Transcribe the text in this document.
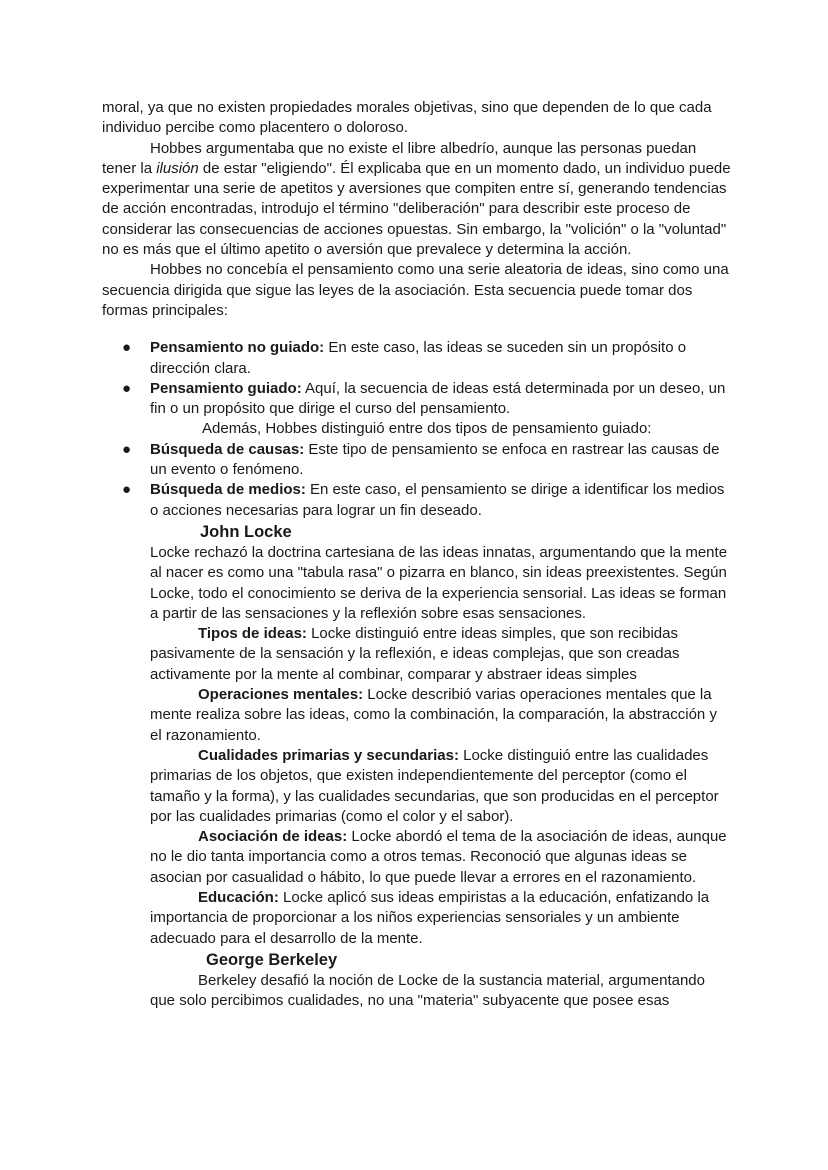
moral, ya que no existen propiedades morales objetivas, sino que dependen de lo que cada individuo percibe como placentero o doloroso.

Hobbes argumentaba que no existe el libre albedrío, aunque las personas puedan tener la ilusión de estar "eligiendo". Él explicaba que en un momento dado, un individuo puede experimentar una serie de apetitos y aversiones que compiten entre sí, generando tendencias de acción encontradas, introdujo el término "deliberación" para describir este proceso de considerar las consecuencias de acciones opuestas. Sin embargo, la "volición" o la "voluntad" no es más que el último apetito o aversión que prevalece y determina la acción.

Hobbes no concebía el pensamiento como una serie aleatoria de ideas, sino como una secuencia dirigida que sigue las leyes de la asociación. Esta secuencia puede tomar dos formas principales:

● Pensamiento no guiado: En este caso, las ideas se suceden sin un propósito o dirección clara.
● Pensamiento guiado: Aquí, la secuencia de ideas está determinada por un deseo, un fin o un propósito que dirige el curso del pensamiento.

Además, Hobbes distinguió entre dos tipos de pensamiento guiado:

● Búsqueda de causas: Este tipo de pensamiento se enfoca en rastrear las causas de un evento o fenómeno.
● Búsqueda de medios: En este caso, el pensamiento se dirige a identificar los medios o acciones necesarias para lograr un fin deseado.
John Locke

Locke rechazó la doctrina cartesiana de las ideas innatas, argumentando que la mente al nacer es como una "tabula rasa" o pizarra en blanco, sin ideas preexistentes. Según Locke, todo el conocimiento se deriva de la experiencia sensorial. Las ideas se forman a partir de las sensaciones y la reflexión sobre esas sensaciones.

Tipos de ideas: Locke distinguió entre ideas simples, que son recibidas pasivamente de la sensación y la reflexión, e ideas complejas, que son creadas activamente por la mente al combinar, comparar y abstraer ideas simples

Operaciones mentales: Locke describió varias operaciones mentales que la mente realiza sobre las ideas, como la combinación, la comparación, la abstracción y el razonamiento.

Cualidades primarias y secundarias: Locke distinguió entre las cualidades primarias de los objetos, que existen independientemente del perceptor (como el tamaño y la forma), y las cualidades secundarias, que son producidas en el perceptor por las cualidades primarias (como el color y el sabor).

Asociación de ideas: Locke abordó el tema de la asociación de ideas, aunque no le dio tanta importancia como a otros temas. Reconoció que algunas ideas se asocian por casualidad o hábito, lo que puede llevar a errores en el razonamiento.

Educación: Locke aplicó sus ideas empiristas a la educación, enfatizando la importancia de proporcionar a los niños experiencias sensoriales y un ambiente adecuado para el desarrollo de la mente.

George Berkeley

Berkeley desafió la noción de Locke de la sustancia material, argumentando que solo percibimos cualidades, no una "materia" subyacente que posee esas
